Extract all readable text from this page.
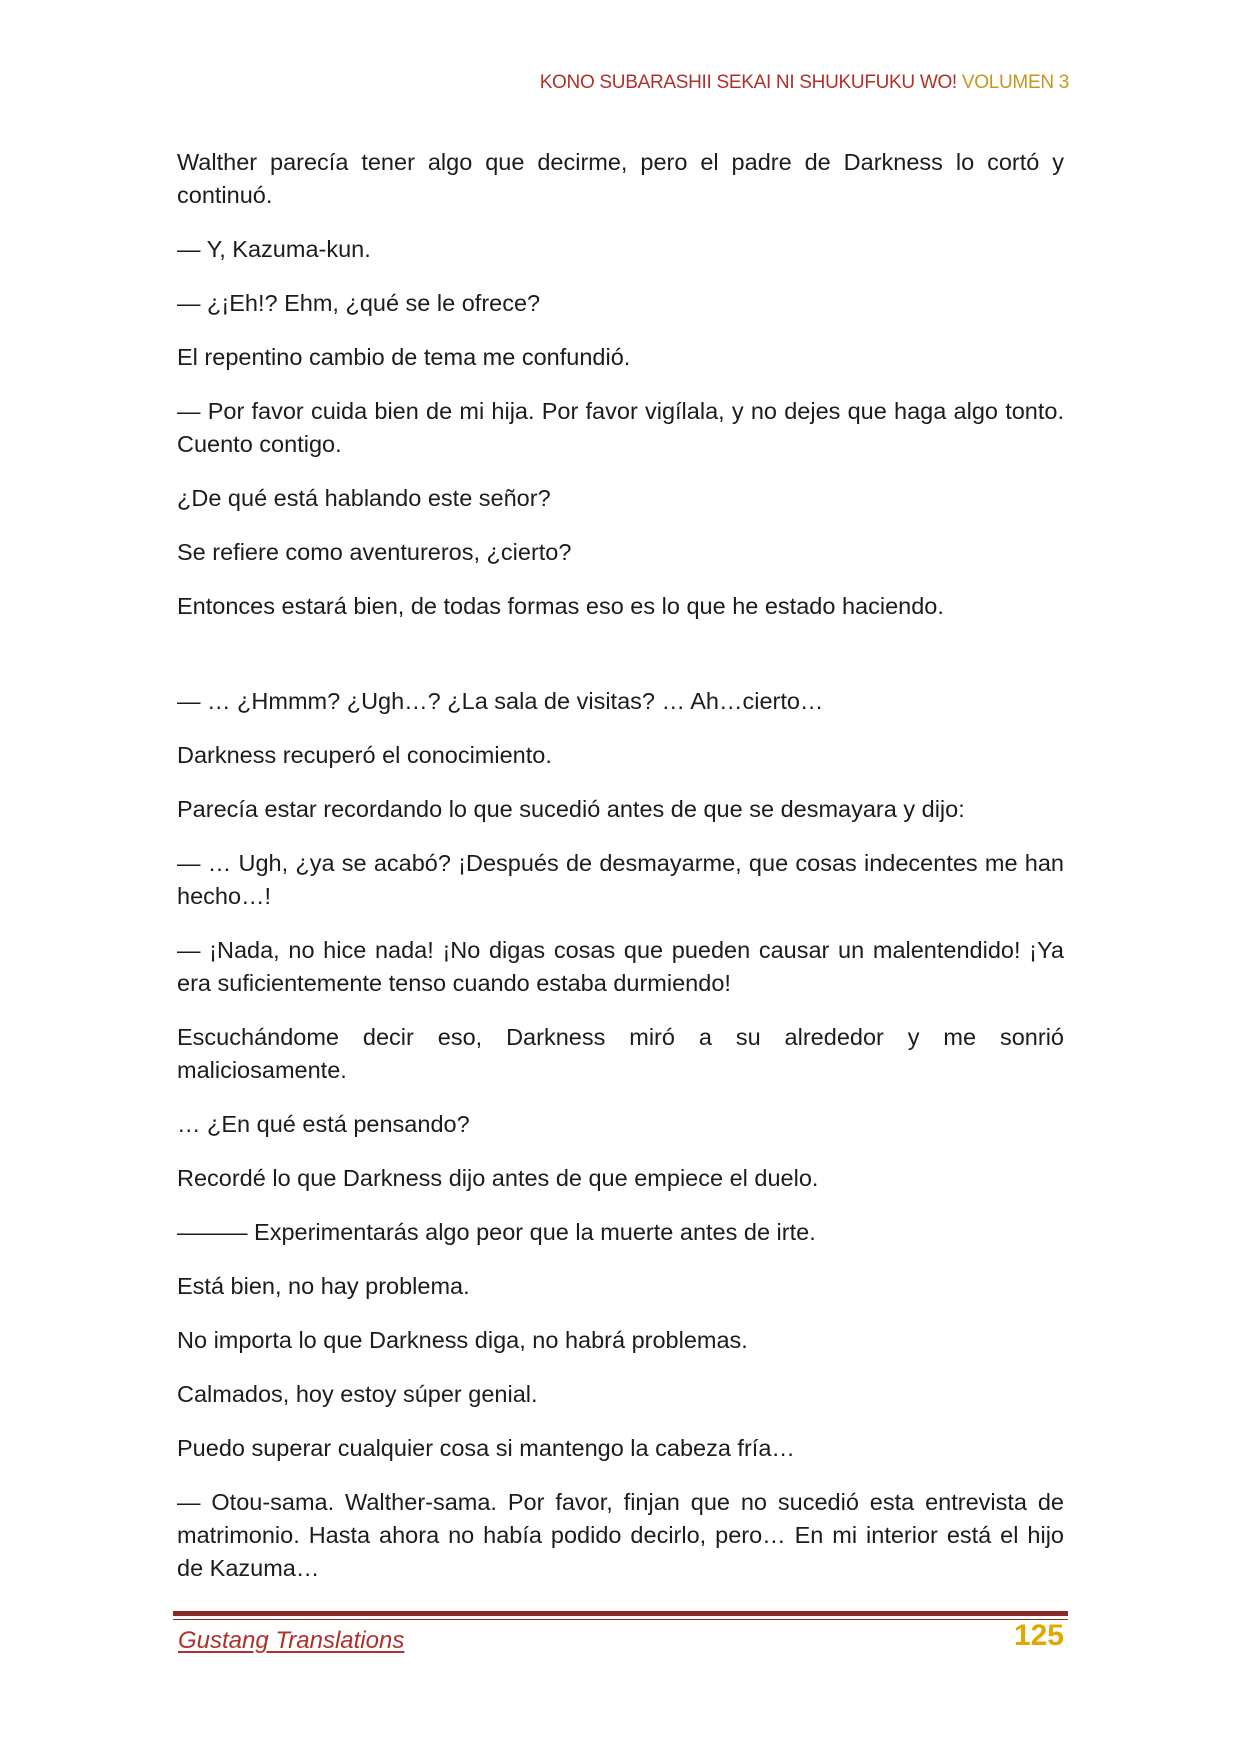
KONO SUBARASHII SEKAI NI SHUKUFUKU WO! VOLUMEN 3

Walther parecía tener algo que decirme, pero el padre de Darkness lo cortó y continuó.

— Y, Kazuma-kun.

— ¿¡Eh!? Ehm, ¿qué se le ofrece?

El repentino cambio de tema me confundió.

— Por favor cuida bien de mi hija. Por favor vigílala, y no dejes que haga algo tonto. Cuento contigo.

¿De qué está hablando este señor?

Se refiere como aventureros, ¿cierto?

Entonces estará bien, de todas formas eso es lo que he estado haciendo.

— … ¿Hmmm? ¿Ugh…? ¿La sala de visitas? … Ah…cierto…

Darkness recuperó el conocimiento.

Parecía estar recordando lo que sucedió antes de que se desmayara y dijo:

— … Ugh, ¿ya se acabó? ¡Después de desmayarme, que cosas indecentes me han hecho…!

— ¡Nada, no hice nada! ¡No digas cosas que pueden causar un malentendido! ¡Ya era suficientemente tenso cuando estaba durmiendo!

Escuchándome decir eso, Darkness miró a su alrededor y me sonrió maliciosamente.

… ¿En qué está pensando?

Recordé lo que Darkness dijo antes de que empiece el duelo.

——— Experimentarás algo peor que la muerte antes de irte.

Está bien, no hay problema.

No importa lo que Darkness diga, no habrá problemas.

Calmados, hoy estoy súper genial.

Puedo superar cualquier cosa si mantengo la cabeza fría…

— Otou-sama. Walther-sama. Por favor, finjan que no sucedió esta entrevista de matrimonio. Hasta ahora no había podido decirlo, pero… En mi interior está el hijo de Kazuma…

Gustang Translations	125
